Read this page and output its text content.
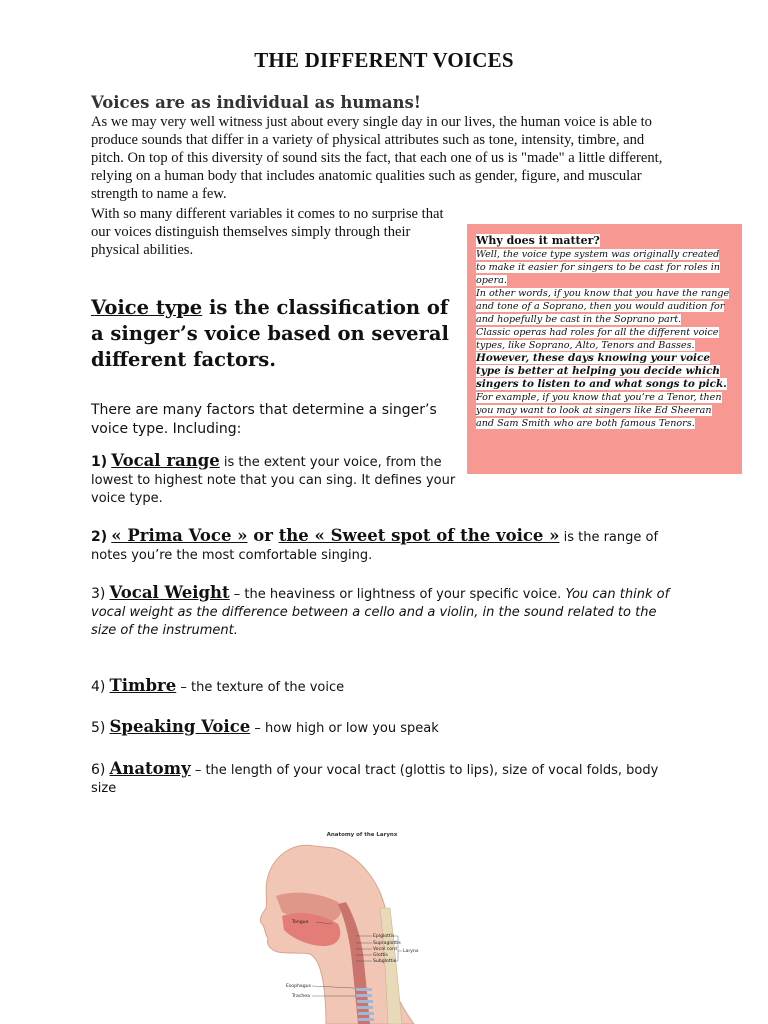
THE DIFFERENT VOICES
Voices are as individual as humans!
As we may very well witness just about every single day in our lives, the human voice is able to produce sounds that differ in a variety of physical attributes such as tone, intensity, timbre, and pitch. On top of this diversity of sound sits the fact, that each one of us is "made" a little different, relying on a human body that includes anatomic qualities such as gender, figure, and muscular strength to name a few.
With so many different variables it comes to no surprise that our voices distinguish themselves simply through their physical abilities.
Voice type is the classification of a singer’s voice based on several different factors.
There are many factors that determine a singer’s voice type. Including:
1) Vocal range is the extent your voice, from the lowest to highest note that you can sing. It defines your voice type.
2) « Prima Voce » or the « Sweet spot of the voice » is the range of notes you’re the most comfortable singing.
3) Vocal Weight – the heaviness or lightness of your specific voice. You can think of vocal weight as the difference between a cello and a violin, in the sound related to the size of the instrument.
4) Timbre – the texture of the voice
5) Speaking Voice – how high or low you speak
6) Anatomy – the length of your vocal tract (glottis to lips), size of vocal folds, body size
Why does it matter?

Well, the voice type system was originally created to make it easier for singers to be cast for roles in opera.

In other words, if you know that you have the range and tone of a Soprano, then you would audition for and hopefully be cast in the Soprano part.

Classic operas had roles for all the different voice types, like Soprano, Alto, Tenors and Basses.

However, these days knowing your voice type is better at helping you decide which singers to listen to and what songs to pick.

For example, if you know that you’re a Tenor, then you may want to look at singers like Ed Sheeran and Sam Smith who are both famous Tenors.

Anatomy of the Larynx
Tongue
Epiglottis
Supraglottis
Vocal cord
Glottis
Subglottis
Larynx
Esophagus
Trachea
